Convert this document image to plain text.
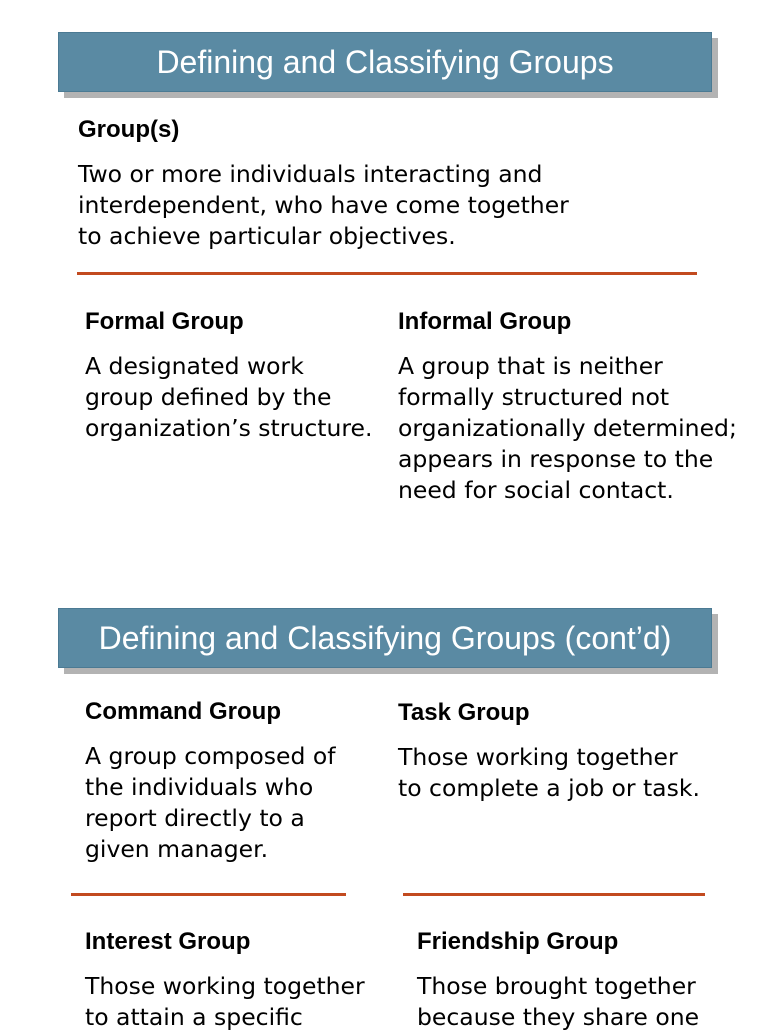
Defining and Classifying Groups
Group(s)
Two or more individuals interacting and
interdependent, who have come together
to achieve particular objectives.
Formal Group
A designated work
group defined by the
organization’s structure.
Informal Group
A group that is neither
formally structured not
organizationally determined;
appears in response to the
need for social contact.
Defining and Classifying Groups (cont’d)
Command Group
A group composed of
the individuals who
report directly to a
given manager.
Task Group
Those working together
to complete a job or task.
Interest Group
Those working together
to attain a specific
Friendship Group
Those brought together
because they share one
